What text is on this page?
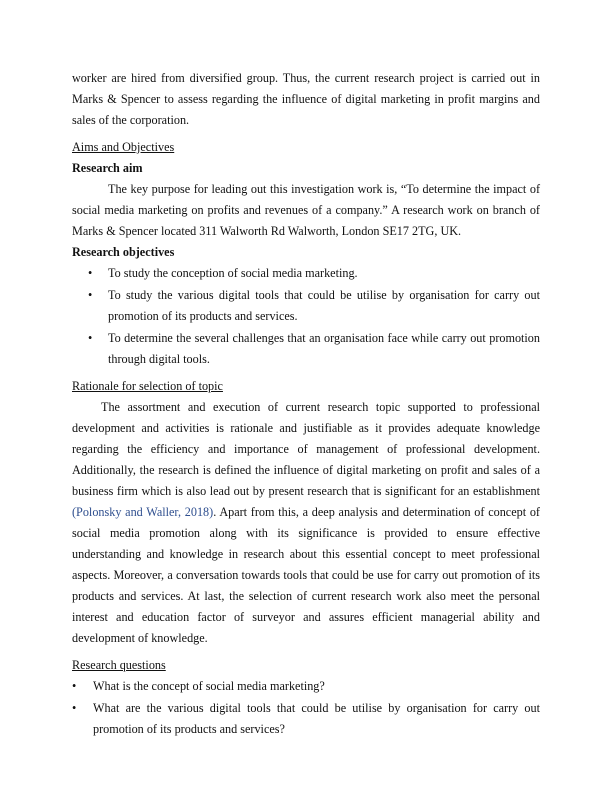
worker are hired from diversified group. Thus, the current research project is carried out in Marks & Spencer to assess regarding the influence of digital marketing in profit margins and sales of the corporation.

Aims and Objectives
Research aim

The key purpose for leading out this investigation work is, “To determine the impact of social media marketing on profits and revenues of a company.” A research work on branch of Marks & Spencer located 311 Walworth Rd Walworth, London SE17 2TG, UK.

Research objectives
• To study the conception of social media marketing.
• To study the various digital tools that could be utilise by organisation for carry out promotion of its products and services.
• To determine the several challenges that an organisation face while carry out promotion through digital tools.
Rationale for selection of topic

The assortment and execution of current research topic supported to professional development and activities is rationale and justifiable as it provides adequate knowledge regarding the efficiency and importance of management of professional development. Additionally, the research is defined the influence of digital marketing on profit and sales of a business firm which is also lead out by present research that is significant for an establishment (Polonsky and Waller, 2018). Apart from this, a deep analysis and determination of concept of social media promotion along with its significance is provided to ensure effective understanding and knowledge in research about this essential concept to meet professional aspects. Moreover, a conversation towards tools that could be use for carry out promotion of its products and services. At last, the selection of current research work also meet the personal interest and education factor of surveyor and assures efficient managerial ability and development of knowledge.

Research questions
• What is the concept of social media marketing?
• What are the various digital tools that could be utilise by organisation for carry out promotion of its products and services?
